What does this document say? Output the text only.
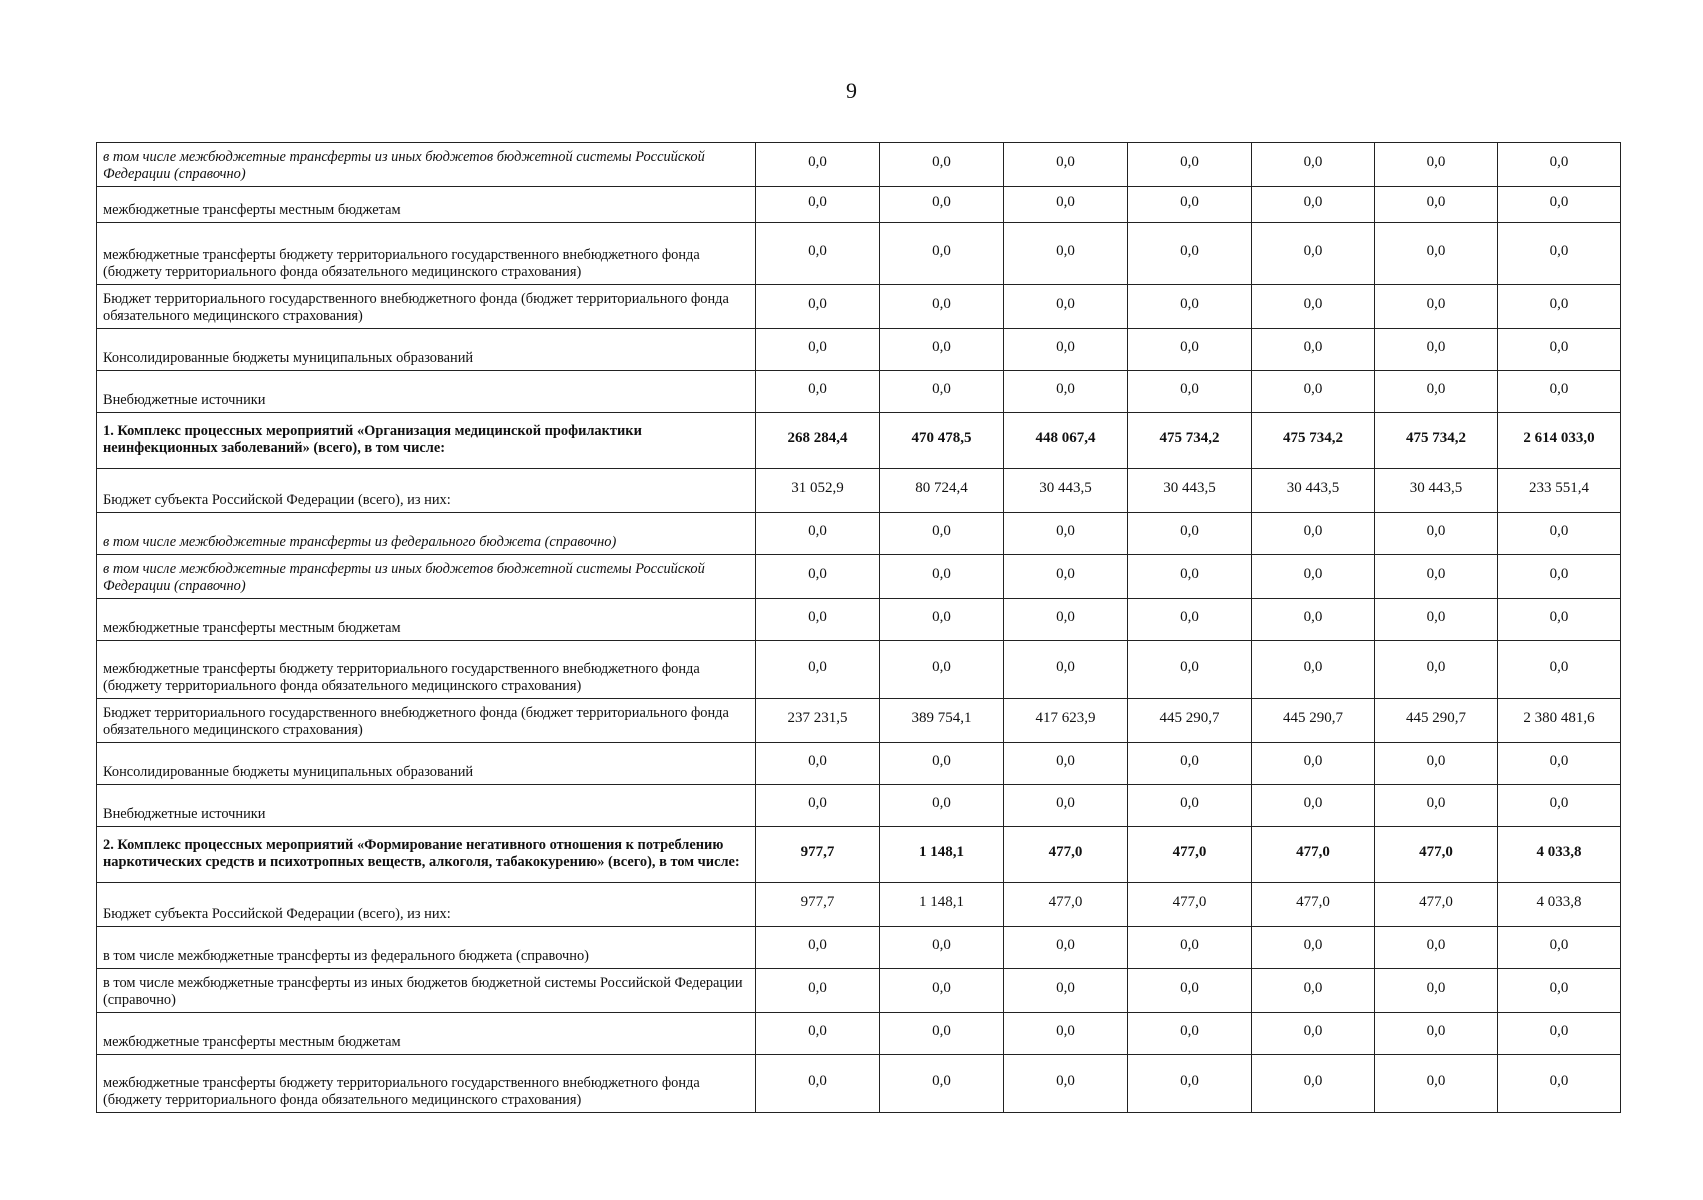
9
в том числе межбюджетные трансферты из иных бюджетов бюджетной системы Российской Федерации (справочно)	0,0	0,0	0,0	0,0	0,0	0,0	0,0
межбюджетные трансферты местным бюджетам	0,0	0,0	0,0	0,0	0,0	0,0	0,0
межбюджетные трансферты бюджету территориального государственного внебюджетного фонда (бюджету территориального фонда обязательного медицинского страхования)	0,0	0,0	0,0	0,0	0,0	0,0	0,0
Бюджет территориального государственного внебюджетного фонда (бюджет территориального фонда обязательного медицинского страхования)	0,0	0,0	0,0	0,0	0,0	0,0	0,0
Консолидированные бюджеты муниципальных образований	0,0	0,0	0,0	0,0	0,0	0,0	0,0
Внебюджетные источники	0,0	0,0	0,0	0,0	0,0	0,0	0,0
1. Комплекс процессных мероприятий «Организация медицинской профилактики неинфекционных заболеваний» (всего), в том числе:	268 284,4	470 478,5	448 067,4	475 734,2	475 734,2	475 734,2	2 614 033,0
Бюджет субъекта Российской Федерации (всего), из них:	31 052,9	80 724,4	30 443,5	30 443,5	30 443,5	30 443,5	233 551,4
в том числе межбюджетные трансферты из федерального бюджета (справочно)	0,0	0,0	0,0	0,0	0,0	0,0	0,0
в том числе межбюджетные трансферты из иных бюджетов бюджетной системы Российской Федерации (справочно)	0,0	0,0	0,0	0,0	0,0	0,0	0,0
межбюджетные трансферты местным бюджетам	0,0	0,0	0,0	0,0	0,0	0,0	0,0
межбюджетные трансферты бюджету территориального государственного внебюджетного фонда (бюджету территориального фонда обязательного медицинского страхования)	0,0	0,0	0,0	0,0	0,0	0,0	0,0
Бюджет территориального государственного внебюджетного фонда (бюджет территориального фонда обязательного медицинского страхования)	237 231,5	389 754,1	417 623,9	445 290,7	445 290,7	445 290,7	2 380 481,6
Консолидированные бюджеты муниципальных образований	0,0	0,0	0,0	0,0	0,0	0,0	0,0
Внебюджетные источники	0,0	0,0	0,0	0,0	0,0	0,0	0,0
2. Комплекс процессных мероприятий «Формирование негативного отношения к потреблению наркотических средств и психотропных веществ, алкоголя, табакокурению» (всего), в том числе:	977,7	1 148,1	477,0	477,0	477,0	477,0	4 033,8
Бюджет субъекта Российской Федерации (всего), из них:	977,7	1 148,1	477,0	477,0	477,0	477,0	4 033,8
в том числе межбюджетные трансферты из федерального бюджета (справочно)	0,0	0,0	0,0	0,0	0,0	0,0	0,0
в том числе межбюджетные трансферты из иных бюджетов бюджетной системы Российской Федерации (справочно)	0,0	0,0	0,0	0,0	0,0	0,0	0,0
межбюджетные трансферты местным бюджетам	0,0	0,0	0,0	0,0	0,0	0,0	0,0
межбюджетные трансферты бюджету территориального государственного внебюджетного фонда (бюджету территориального фонда обязательного медицинского страхования)	0,0	0,0	0,0	0,0	0,0	0,0	0,0
